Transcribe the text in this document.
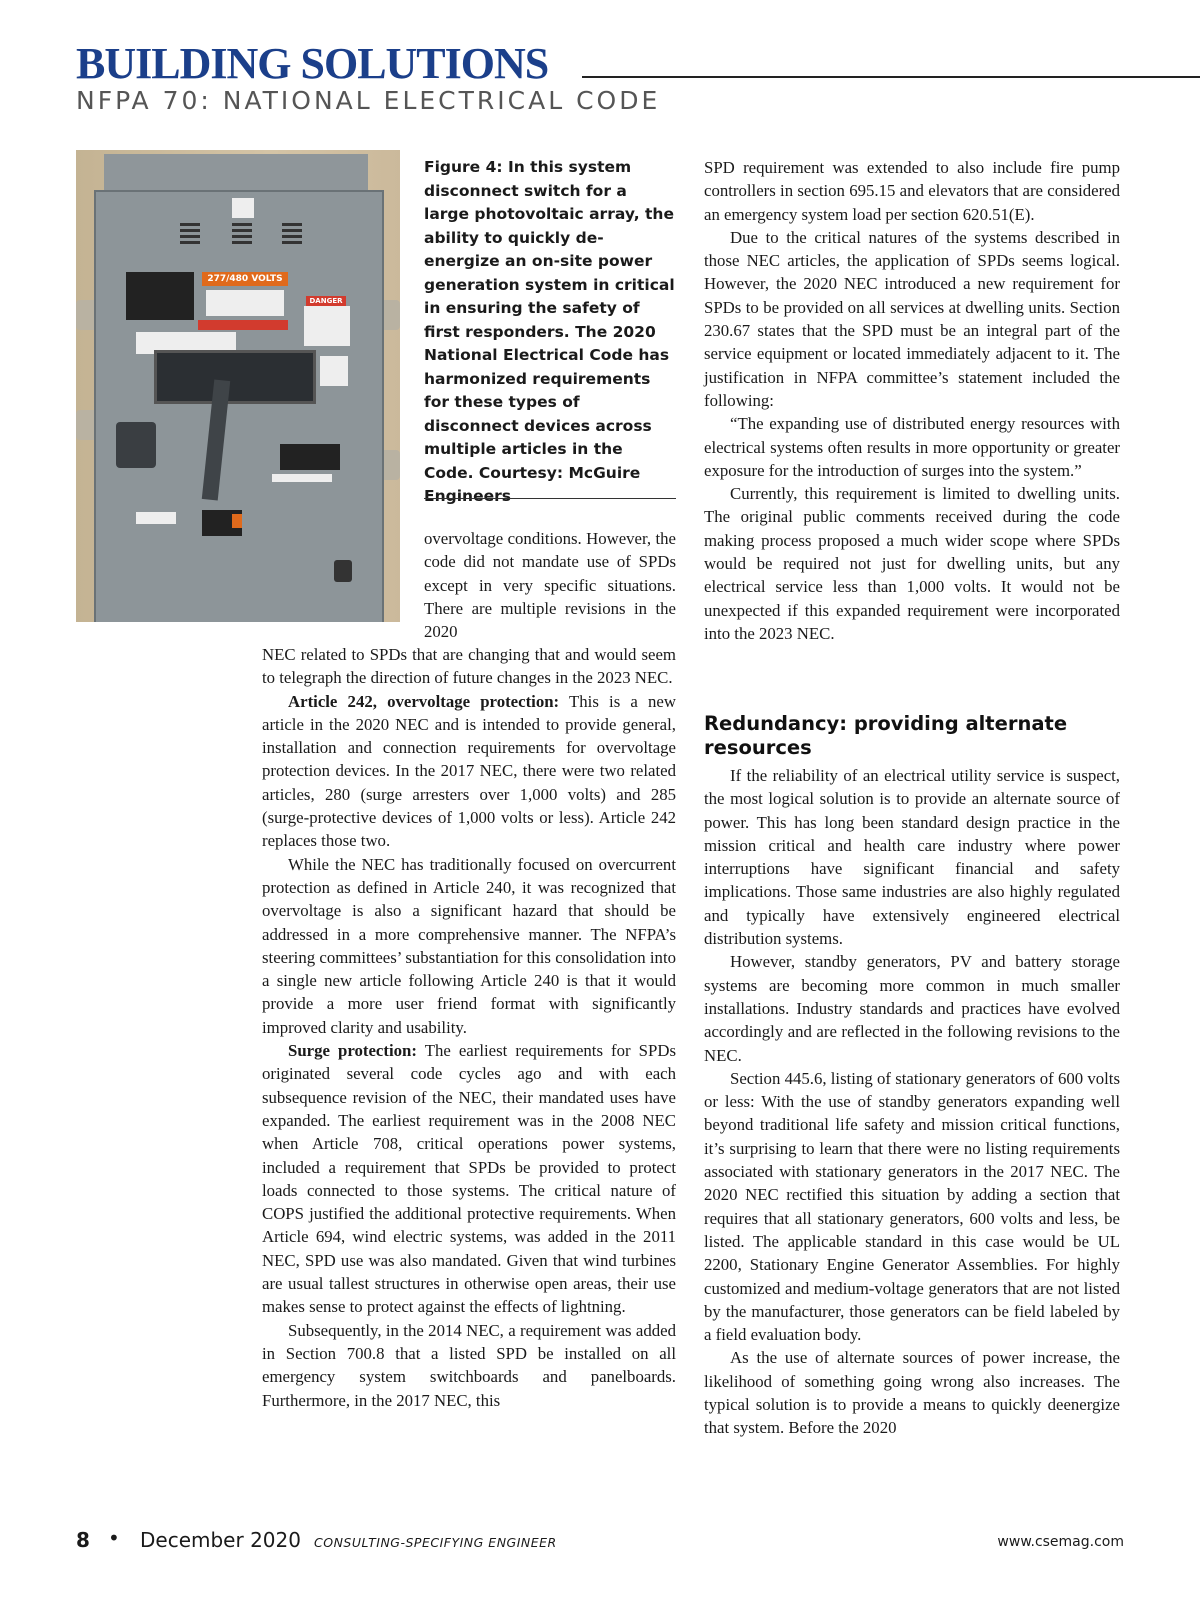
BUILDING SOLUTIONS
NFPA 70: NATIONAL ELECTRICAL CODE
277/480 VOLTS
DANGER
Figure 4: In this system disconnect switch for a large photovoltaic array, the ability to quickly de-energize an on-site power generation system in critical in ensuring the safety of first responders. The 2020 National Electrical Code has harmonized requirements for these types of disconnect devices across multiple articles in the Code. Courtesy: McGuire Engineers

overvoltage conditions. However, the code did not mandate use of SPDs except in very specific situations. There are multiple revisions in the 2020

NEC related to SPDs that are changing that and would seem to telegraph the direction of future changes in the 2023 NEC.

Article 242, overvoltage protection: This is a new article in the 2020 NEC and is intended to provide general, installation and connection requirements for overvoltage protection devices. In the 2017 NEC, there were two related articles, 280 (surge arresters over 1,000 volts) and 285 (surge-protective devices of 1,000 volts or less). Article 242 replaces those two.

While the NEC has traditionally focused on overcurrent protection as defined in Article 240, it was recognized that overvoltage is also a significant hazard that should be addressed in a more comprehensive manner. The NFPA’s steering committees’ substantiation for this consolidation into a single new article following Article 240 is that it would provide a more user friend format with significantly improved clarity and usability.

Surge protection: The earliest requirements for SPDs originated several code cycles ago and with each subsequence revision of the NEC, their mandated uses have expanded. The earliest requirement was in the 2008 NEC when Article 708, critical operations power systems, included a requirement that SPDs be provided to protect loads connected to those systems. The critical nature of COPS justified the additional protective requirements. When Article 694, wind electric systems, was added in the 2011 NEC, SPD use was also mandated. Given that wind turbines are usual tallest structures in otherwise open areas, their use makes sense to protect against the effects of lightning.

Subsequently, in the 2014 NEC, a requirement was added in Section 700.8 that a listed SPD be installed on all emergency system switchboards and panelboards. Furthermore, in the 2017 NEC, this

SPD requirement was extended to also include fire pump controllers in section 695.15 and elevators that are considered an emergency system load per section 620.51(E).

Due to the critical natures of the systems described in those NEC articles, the application of SPDs seems logical. However, the 2020 NEC introduced a new requirement for SPDs to be provided on all services at dwelling units. Section 230.67 states that the SPD must be an integral part of the service equipment or located immediately adjacent to it. The justification in NFPA committee’s statement included the following:

“The expanding use of distributed energy resources with electrical systems often results in more opportunity or greater exposure for the introduction of surges into the system.”

Currently, this requirement is limited to dwelling units. The original public comments received during the code making process proposed a much wider scope where SPDs would be required not just for dwelling units, but any electrical service less than 1,000 volts. It would not be unexpected if this expanded requirement were incorporated into the 2023 NEC.

Redundancy: providing alternate resources

If the reliability of an electrical utility service is suspect, the most logical solution is to provide an alternate source of power. This has long been standard design practice in the mission critical and health care industry where power interruptions have significant financial and safety implications. Those same industries are also highly regulated and typically have extensively engineered electrical distribution systems.

However, standby generators, PV and battery storage systems are becoming more common in much smaller installations. Industry standards and practices have evolved accordingly and are reflected in the following revisions to the NEC.

Section 445.6, listing of stationary generators of 600 volts or less: With the use of standby generators expanding well beyond traditional life safety and mission critical functions, it’s surprising to learn that there were no listing requirements associated with stationary generators in the 2017 NEC. The 2020 NEC rectified this situation by adding a section that requires that all stationary generators, 600 volts and less, be listed. The applicable standard in this case would be UL 2200, Stationary Engine Generator Assemblies. For highly customized and medium-voltage generators that are not listed by the manufacturer, those generators can be field labeled by a field evaluation body.

As the use of alternate sources of power increase, the likelihood of something going wrong also increases. The typical solution is to provide a means to quickly deenergize that system. Before the 2020

8 • December 2020 CONSULTING-SPECIFYING ENGINEER	www.csemag.com
